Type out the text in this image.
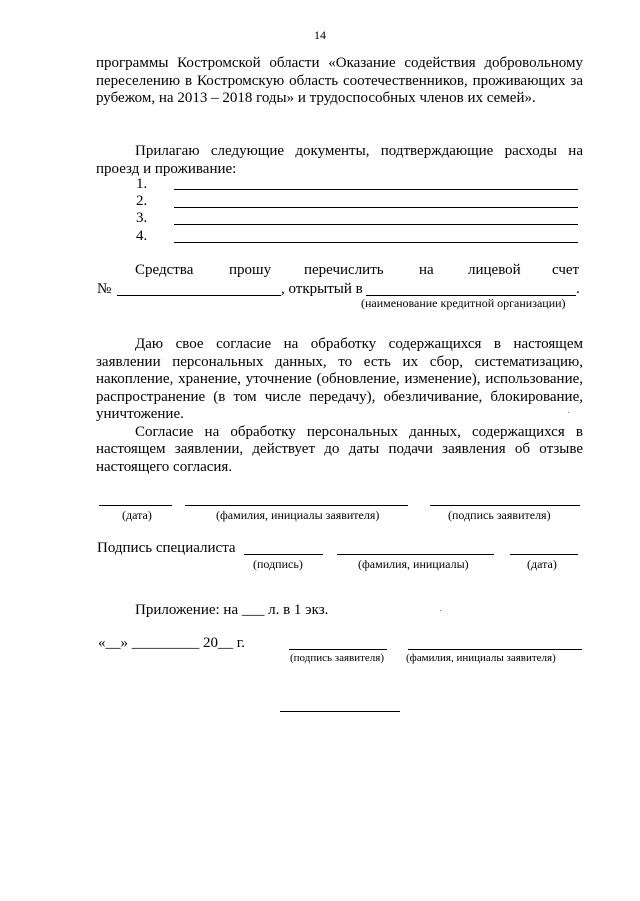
14
программы Костромской области «Оказание содействия добровольному
переселению в Костромскую область соотечественников, проживающих за
рубежом, на 2013 – 2018 годы» и трудоспособных членов их семей».
Прилагаю следующие документы, подтверждающие расходы на
проезд и проживание:
1.
2.
3.
4.
Средства прошу перечислить на лицевой счет
№	, открытый в	.
(наименование кредитной организации)
Даю свое согласие на обработку содержащихся в настоящем
заявлении персональных данных, то есть их сбор, систематизацию,
накопление, хранение, уточнение (обновление, изменение), использование,
распространение (в том числе передачу), обезличивание, блокирование,
уничтожение.
Согласие на обработку персональных данных, содержащихся в
настоящем заявлении, действует до даты подачи заявления об отзыве
настоящего согласия.
(дата)	(фамилия, инициалы заявителя)	(подпись заявителя)
Подпись специалиста
(подпись)	(фамилия, инициалы)	(дата)
Приложение: на ___ л. в 1 экз.
«__» _________ 20__ г.
(подпись заявителя) (фамилия, инициалы заявителя)
